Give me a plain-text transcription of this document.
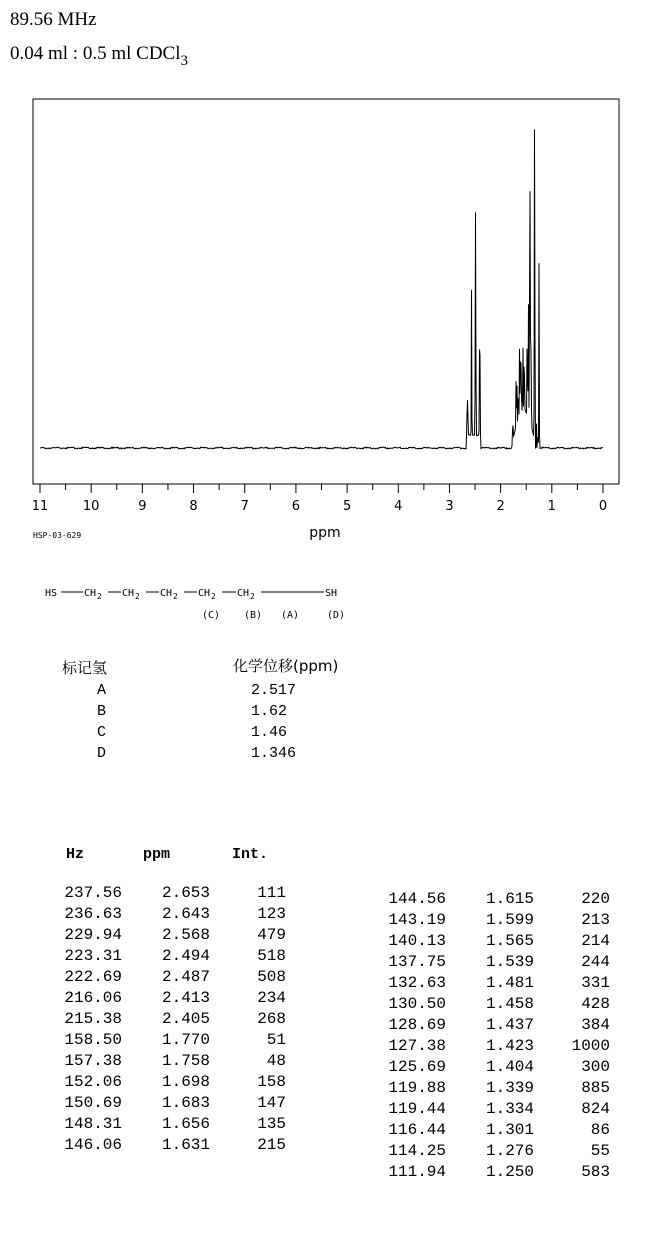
89.56 MHz
0.04 ml : 0.5 ml CDCl$_3$
11	10	9	8	7	6	5	4	3	2	1	0
ppm
HSP-03-629
HS	CH 2 CH 2 CH 2 CH 2 CH 2	SH
(C) (B) (A)	(D)
标记氢	化学位移(ppm)
A	2.517
B	1.62
C	1.46
D	1.346
Hz	ppm	Int.
237.56	2.653	111
236.63	2.643	123
229.94	2.568	479
223.31	2.494	518
222.69	2.487	508
216.06	2.413	234
215.38	2.405	268
158.50	1.770	51
157.38	1.758	48
152.06	1.698	158
150.69	1.683	147
148.31	1.656	135
146.06	1.631	215
144.56	1.615	220
143.19	1.599	213
140.13	1.565	214
137.75	1.539	244
132.63	1.481	331
130.50	1.458	428
128.69	1.437	384
127.38	1.423	1000
125.69	1.404	300
119.88	1.339	885
119.44	1.334	824
116.44	1.301	86
114.25	1.276	55
111.94	1.250	583
